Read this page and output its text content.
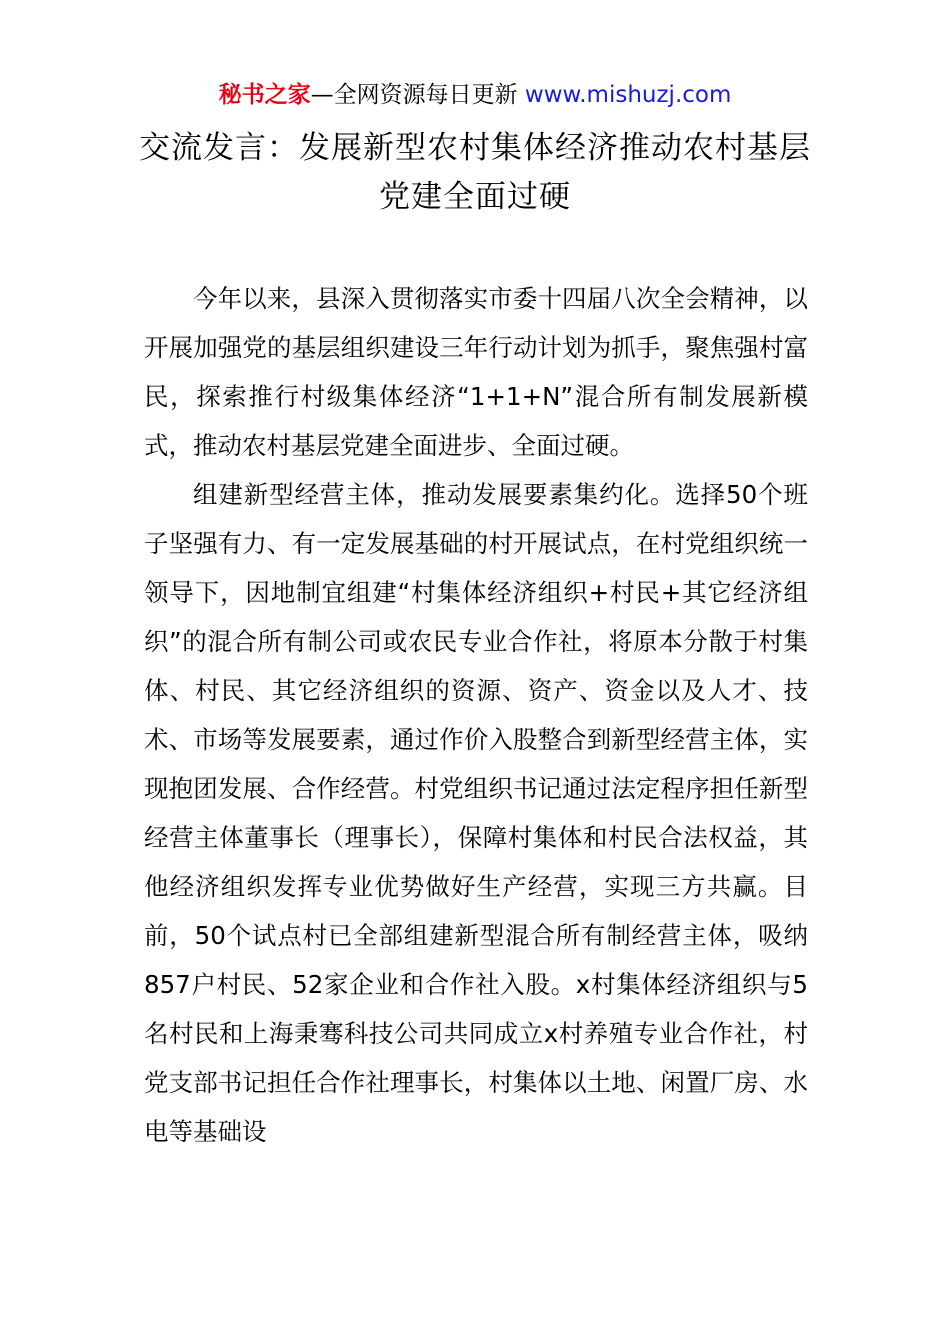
秘书之家—全网资源每日更新 www.mishuzj.com
交流发言：发展新型农村集体经济推动农村基层党建全面过硬

今年以来，县深入贯彻落实市委十四届八次全会精神，以开展加强党的基层组织建设三年行动计划为抓手，聚焦强村富民，探索推行村级集体经济“1+1+N”混合所有制发展新模式，推动农村基层党建全面进步、全面过硬。

组建新型经营主体，推动发展要素集约化。选择50个班子坚强有力、有一定发展基础的村开展试点，在村党组织统一领导下，因地制宜组建“村集体经济组织+村民+其它经济组织”的混合所有制公司或农民专业合作社，将原本分散于村集体、村民、其它经济组织的资源、资产、资金以及人才、技术、市场等发展要素，通过作价入股整合到新型经营主体，实现抱团发展、合作经营。村党组织书记通过法定程序担任新型经营主体董事长（理事长），保障村集体和村民合法权益，其他经济组织发挥专业优势做好生产经营，实现三方共赢。目前，50个试点村已全部组建新型混合所有制经营主体，吸纳857户村民、52家企业和合作社入股。x村集体经济组织与5名村民和上海秉骞科技公司共同成立x村养殖专业合作社，村党支部书记担任合作社理事长，村集体以土地、闲置厂房、水电等基础设
